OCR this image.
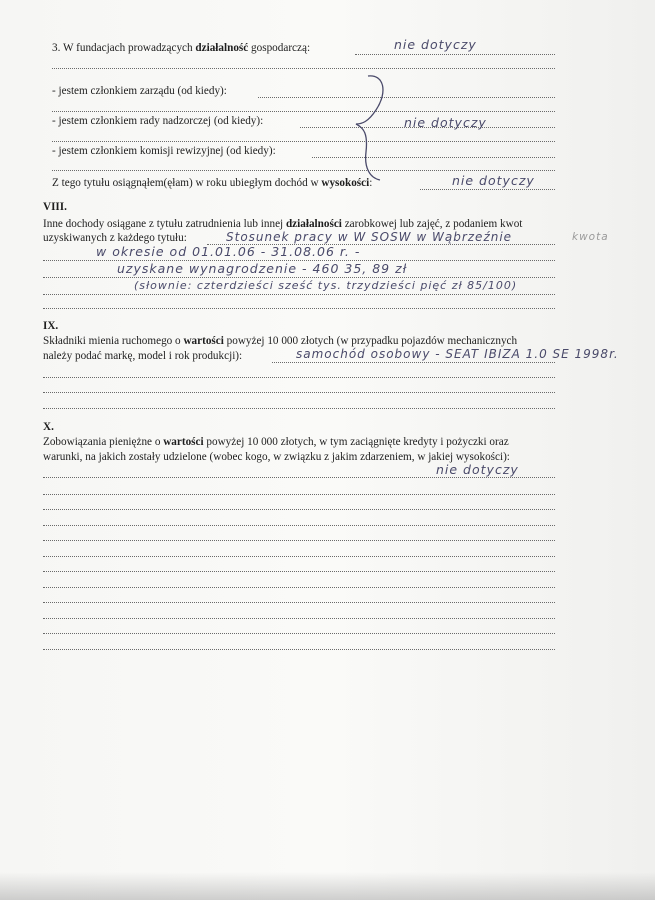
3. W fundacjach prowadzących działalność gospodarczą:	nie dotyczy
- jestem członkiem zarządu (od kiedy):
- jestem członkiem rady nadzorczej (od kiedy):	nie dotyczy
- jestem członkiem komisji rewizyjnej (od kiedy):
Z tego tytułu osiągnąłem(ęłam) w roku ubiegłym dochód w wysokości:	nie dotyczy
VIII.
Inne dochody osiągane z tytułu zatrudnienia lub innej działalności zarobkowej lub zajęć, z podaniem kwot
uzyskiwanych z każdego tytułu:	Stosunek pracy w W SOSW w Wąbrzeźnie	kwota
w okresie od 01.01.06 - 31.08.06 r. -
uzyskane wynagrodzenie - 460 35, 89 zł
(słownie: czterdzieści sześć tys. trzydzieści pięć zł 85/100)
IX.
Składniki mienia ruchomego o wartości powyżej 10 000 złotych (w przypadku pojazdów mechanicznych
należy podać markę, model i rok produkcji):	samochód osobowy - SEAT IBIZA 1.0 SE 1998r.
X.
Zobowiązania pieniężne o wartości powyżej 10 000 złotych, w tym zaciągnięte kredyty i pożyczki oraz
warunki, na jakich zostały udzielone (wobec kogo, w związku z jakim zdarzeniem, w jakiej wysokości):
nie dotyczy
